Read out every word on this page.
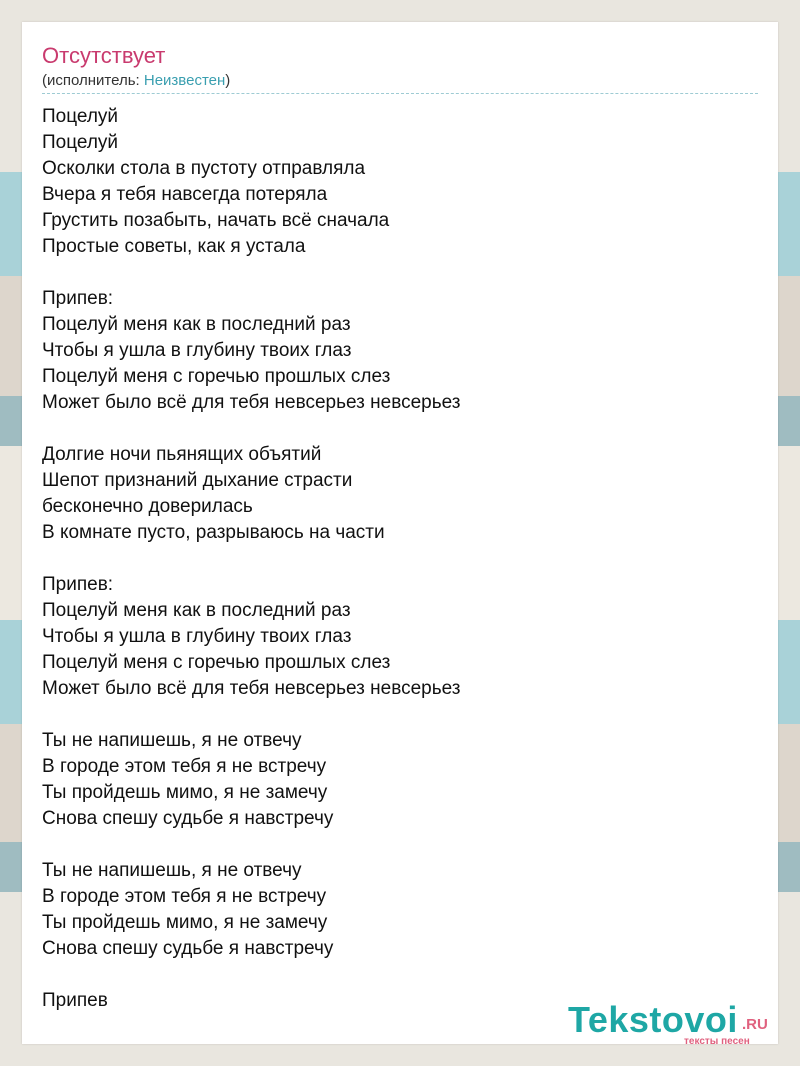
Отсутствует
(исполнитель: Неизвестен)
Поцелуй
Поцелуй
Осколки стола в пустоту отправляла
Вчера я тебя навсегда потеряла
Грустить позабыть, начать всё сначала
Простые советы, как я устала
Припев:
Поцелуй меня как в последний раз
Чтобы я ушла в глубину твоих глаз
Поцелуй меня с горечью прошлых слез
Может было всё для тебя невсерьез невсерьез
Долгие ночи пьянящих объятий
Шепот признаний дыхание страсти
бесконечно доверилась
В комнате пусто, разрываюсь на части
Припев:
Поцелуй меня как в последний раз
Чтобы я ушла в глубину твоих глаз
Поцелуй меня с горечью прошлых слез
Может было всё для тебя невсерьез невсерьез
Ты не напишешь, я не отвечу
В городе этом тебя я не встречу
Ты пройдешь мимо, я не замечу
Снова спешу судьбе я навстречу
Ты не напишешь, я не отвечу
В городе этом тебя я не встречу
Ты пройдешь мимо, я не замечу
Снова спешу судьбе я навстречу
Припев	Tekstovoi .RU
тексты песен
